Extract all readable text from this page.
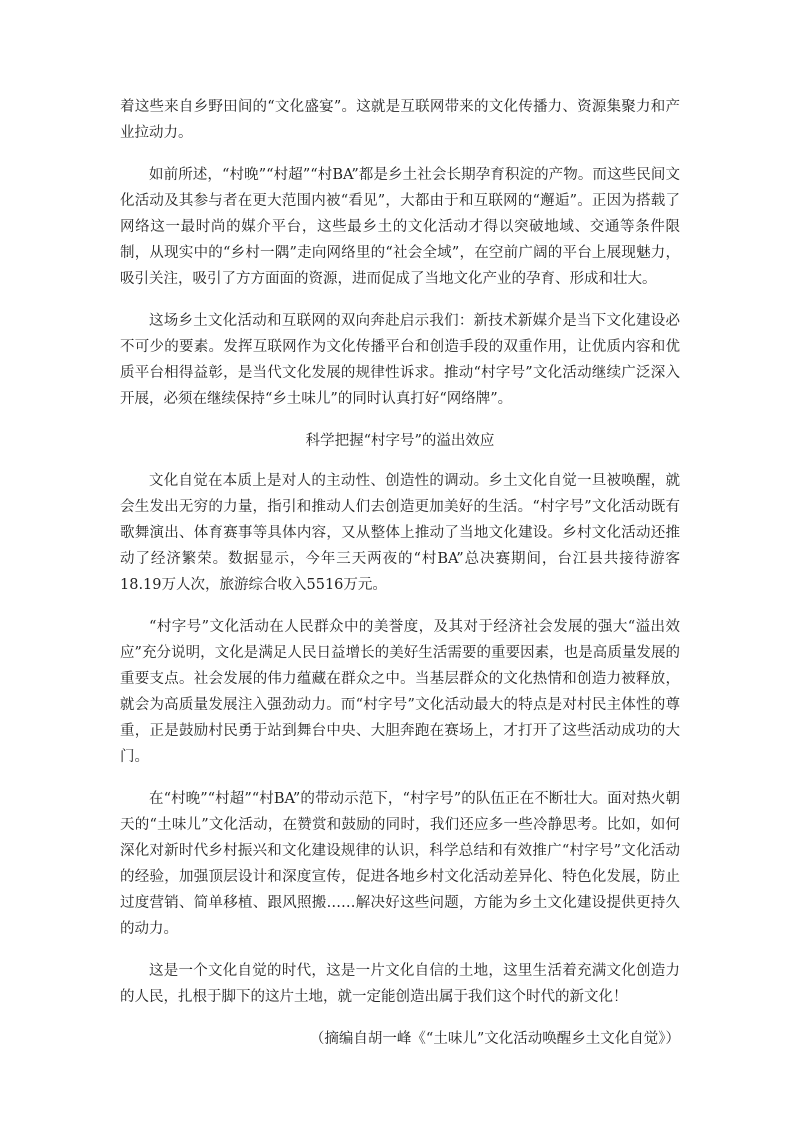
着这些来自乡野田间的“文化盛宴”。这就是互联网带来的文化传播力、资源集聚力和产业拉动力。

如前所述，“村晚”“村超”“村BA”都是乡土社会长期孕育积淀的产物。而这些民间文化活动及其参与者在更大范围内被“看见”，大都由于和互联网的“邂逅”。正因为搭载了网络这一最时尚的媒介平台，这些最乡土的文化活动才得以突破地域、交通等条件限制，从现实中的“乡村一隅”走向网络里的“社会全域”，在空前广阔的平台上展现魅力，吸引关注，吸引了方方面面的资源，进而促成了当地文化产业的孕育、形成和壮大。

这场乡土文化活动和互联网的双向奔赴启示我们：新技术新媒介是当下文化建设必不可少的要素。发挥互联网作为文化传播平台和创造手段的双重作用，让优质内容和优质平台相得益彰，是当代文化发展的规律性诉求。推动“村字号”文化活动继续广泛深入开展，必须在继续保持“乡土味儿”的同时认真打好“网络牌”。

科学把握“村字号”的溢出效应

文化自觉在本质上是对人的主动性、创造性的调动。乡土文化自觉一旦被唤醒，就会生发出无穷的力量，指引和推动人们去创造更加美好的生活。“村字号”文化活动既有歌舞演出、体育赛事等具体内容，又从整体上推动了当地文化建设。乡村文化活动还推动了经济繁荣。数据显示，今年三天两夜的“村BA”总决赛期间，台江县共接待游客18.19万人次，旅游综合收入5516万元。

“村字号”文化活动在人民群众中的美誉度，及其对于经济社会发展的强大“溢出效应”充分说明，文化是满足人民日益增长的美好生活需要的重要因素，也是高质量发展的重要支点。社会发展的伟力蕴藏在群众之中。当基层群众的文化热情和创造力被释放，就会为高质量发展注入强劲动力。而“村字号”文化活动最大的特点是对村民主体性的尊重，正是鼓励村民勇于站到舞台中央、大胆奔跑在赛场上，才打开了这些活动成功的大门。

在“村晚”“村超”“村BA”的带动示范下，“村字号”的队伍正在不断壮大。面对热火朝天的“土味儿”文化活动，在赞赏和鼓励的同时，我们还应多一些冷静思考。比如，如何深化对新时代乡村振兴和文化建设规律的认识，科学总结和有效推广“村字号”文化活动的经验，加强顶层设计和深度宣传，促进各地乡村文化活动差异化、特色化发展，防止过度营销、简单移植、跟风照搬……解决好这些问题，方能为乡土文化建设提供更持久的动力。

这是一个文化自觉的时代，这是一片文化自信的土地，这里生活着充满文化创造力的人民，扎根于脚下的这片土地，就一定能创造出属于我们这个时代的新文化！

（摘编自胡一峰《“土味儿”文化活动唤醒乡土文化自觉》）
